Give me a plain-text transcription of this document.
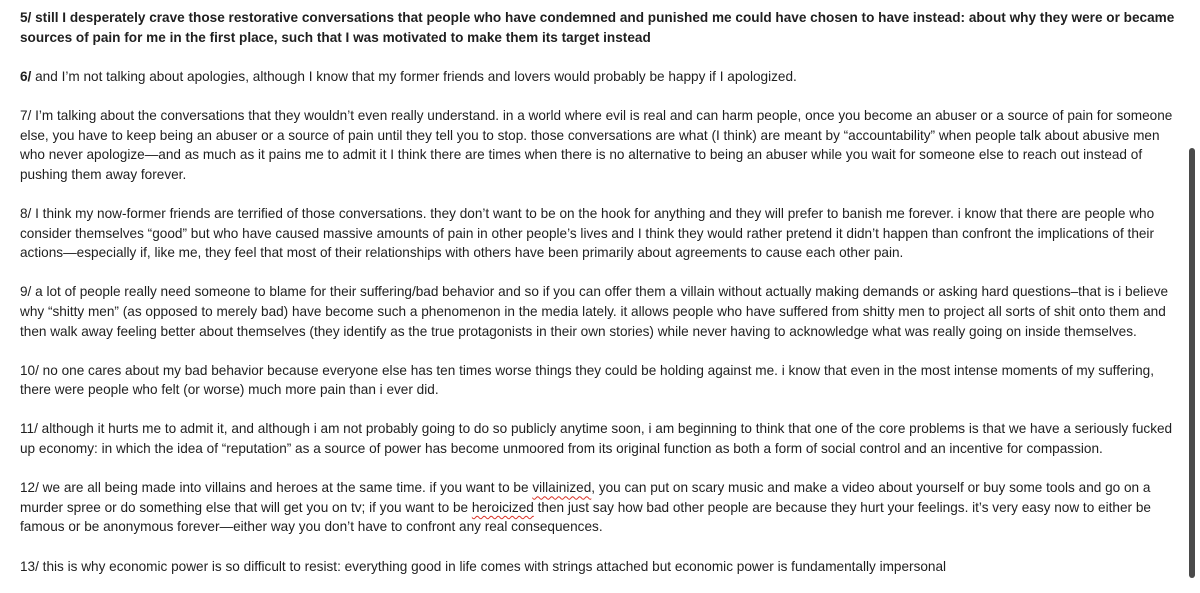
5/ still I desperately crave those restorative conversations that people who have condemned and punished me could have chosen to have instead: about why they were or became sources of pain for me in the first place, such that I was motivated to make them its target instead

6/ and I’m not talking about apologies, although I know that my former friends and lovers would probably be happy if I apologized.

7/ I’m talking about the conversations that they wouldn’t even really understand. in a world where evil is real and can harm people, once you become an abuser or a source of pain for someone else, you have to keep being an abuser or a source of pain until they tell you to stop. those conversations are what (I think) are meant by “accountability” when people talk about abusive men who never apologize—and as much as it pains me to admit it I think there are times when there is no alternative to being an abuser while you wait for someone else to reach out instead of pushing them away forever.

8/ I think my now-former friends are terrified of those conversations. they don’t want to be on the hook for anything and they will prefer to banish me forever. i know that there are people who consider themselves “good” but who have caused massive amounts of pain in other people’s lives and I think they would rather pretend it didn’t happen than confront the implications of their actions—especially if, like me, they feel that most of their relationships with others have been primarily about agreements to cause each other pain.

9/ a lot of people really need someone to blame for their suffering/bad behavior and so if you can offer them a villain without actually making demands or asking hard questions–that is i believe why “shitty men” (as opposed to merely bad) have become such a phenomenon in the media lately. it allows people who have suffered from shitty men to project all sorts of shit onto them and then walk away feeling better about themselves (they identify as the true protagonists in their own stories) while never having to acknowledge what was really going on inside themselves.

10/ no one cares about my bad behavior because everyone else has ten times worse things they could be holding against me. i know that even in the most intense moments of my suffering, there were people who felt (or worse) much more pain than i ever did.

11/ although it hurts me to admit it, and although i am not probably going to do so publicly anytime soon, i am beginning to think that one of the core problems is that we have a seriously fucked up economy: in which the idea of “reputation” as a source of power has become unmoored from its original function as both a form of social control and an incentive for compassion.

12/ we are all being made into villains and heroes at the same time. if you want to be villainized, you can put on scary music and make a video about yourself or buy some tools and go on a murder spree or do something else that will get you on tv; if you want to be heroicized then just say how bad other people are because they hurt your feelings. it’s very easy now to either be famous or be anonymous forever—either way you don’t have to confront any real consequences.

13/ this is why economic power is so difficult to resist: everything good in life comes with strings attached but economic power is fundamentally impersonal
